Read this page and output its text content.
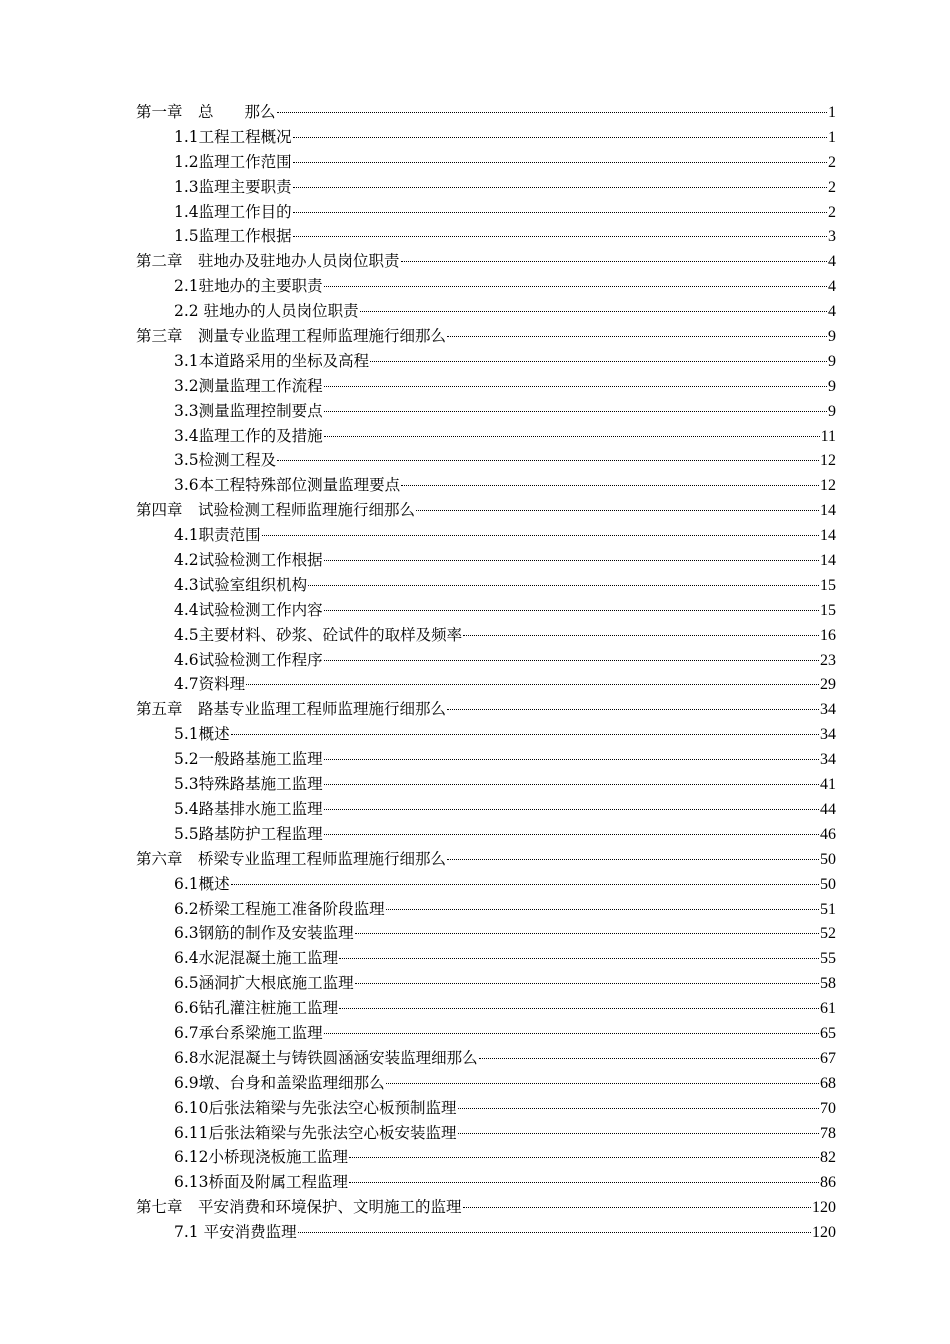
第一章　总　　那么	1
1.1工程工程概况	1
1.2监理工作范围	2
1.3监理主要职责	2
1.4监理工作目的	2
1.5监理工作根据	3
第二章　驻地办及驻地办人员岗位职责	4
2.1驻地办的主要职责	4
2.2 驻地办的人员岗位职责	4
第三章　测量专业监理工程师监理施行细那么	9
3.1本道路采用的坐标及高程	9
3.2测量监理工作流程	9
3.3测量监理控制要点	9
3.4监理工作的及措施	11
3.5检测工程及	12
3.6本工程特殊部位测量监理要点	12
第四章　试验检测工程师监理施行细那么	14
4.1职责范围	14
4.2试验检测工作根据	14
4.3试验室组织机构	15
4.4试验检测工作内容	15
4.5主要材料、砂浆、砼试件的取样及频率	16
4.6试验检测工作程序	23
4.7资料理	29
第五章　路基专业监理工程师监理施行细那么	34
5.1概述	34
5.2一般路基施工监理	34
5.3特殊路基施工监理	41
5.4路基排水施工监理	44
5.5路基防护工程监理	46
第六章　桥梁专业监理工程师监理施行细那么	50
6.1概述	50
6.2桥梁工程施工准备阶段监理	51
6.3钢筋的制作及安装监理	52
6.4水泥混凝土施工监理	55
6.5涵洞扩大根底施工监理	58
6.6钻孔灌注桩施工监理	61
6.7承台系梁施工监理	65
6.8水泥混凝土与铸铁圆涵涵安装监理细那么	67
6.9墩、台身和盖梁监理细那么	68
6.10后张法箱梁与先张法空心板预制监理	70
6.11后张法箱梁与先张法空心板安装监理	78
6.12小桥现浇板施工监理	82
6.13桥面及附属工程监理	86
第七章　平安消费和环境保护、文明施工的监理	120
7.1 平安消费监理	120
